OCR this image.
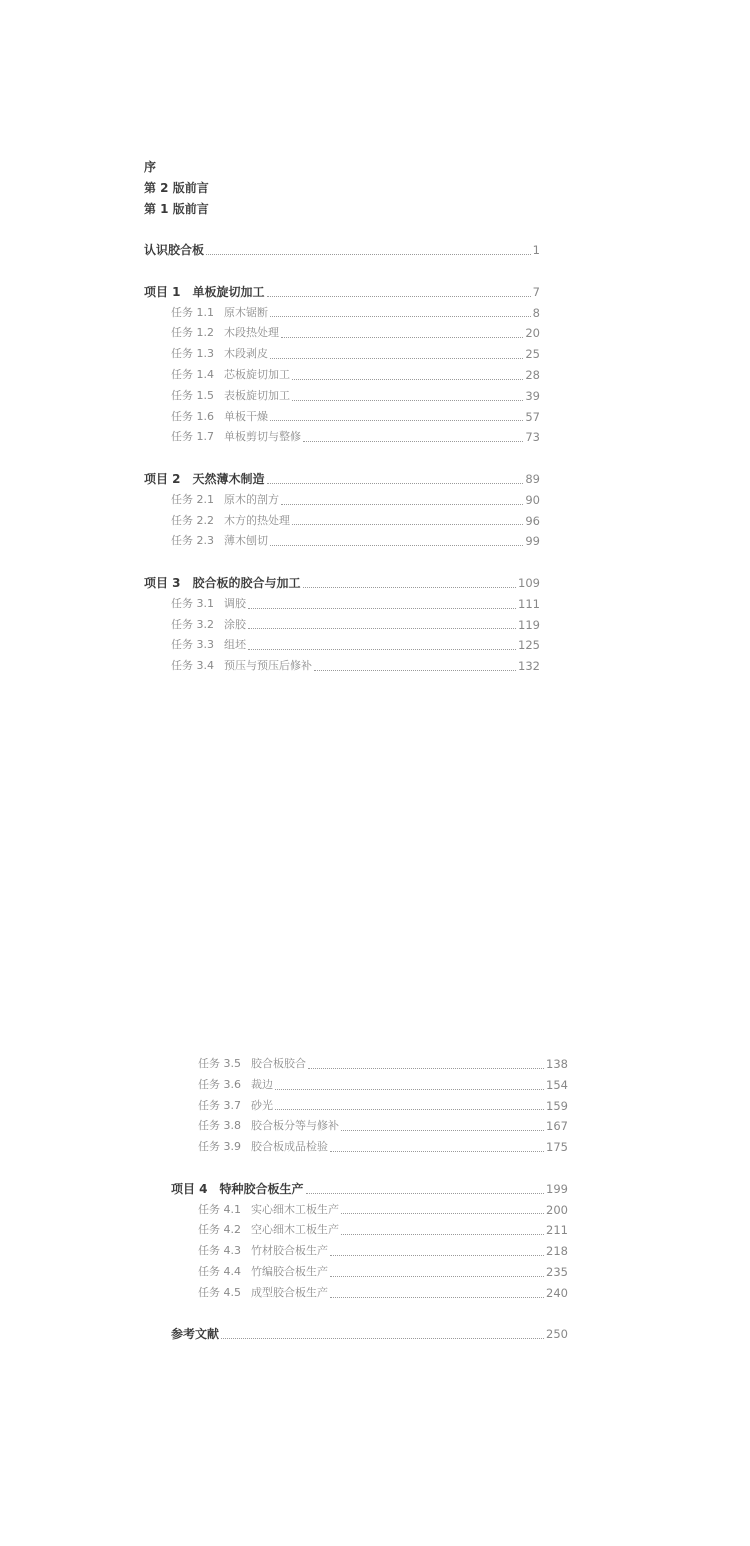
序
第 2 版前言
第 1 版前言
认识胶合板	1
项目 1 单板旋切加工	7
任务 1.1 原木锯断	8
任务 1.2 木段热处理	20
任务 1.3 木段剥皮	25
任务 1.4 芯板旋切加工	28
任务 1.5 表板旋切加工	39
任务 1.6 单板干燥	57
任务 1.7 单板剪切与整修	73
项目 2 天然薄木制造	89
任务 2.1 原木的剖方	90
任务 2.2 木方的热处理	96
任务 2.3 薄木刨切	99
项目 3 胶合板的胶合与加工	109
任务 3.1 调胶	111
任务 3.2 涂胶	119
任务 3.3 组坯	125
任务 3.4 预压与预压后修补	132
任务 3.5 胶合板胶合	138
任务 3.6 裁边	154
任务 3.7 砂光	159
任务 3.8 胶合板分等与修补	167
任务 3.9 胶合板成品检验	175
项目 4 特种胶合板生产	199
任务 4.1 实心细木工板生产	200
任务 4.2 空心细木工板生产	211
任务 4.3 竹材胶合板生产	218
任务 4.4 竹编胶合板生产	235
任务 4.5 成型胶合板生产	240
参考文献	250
